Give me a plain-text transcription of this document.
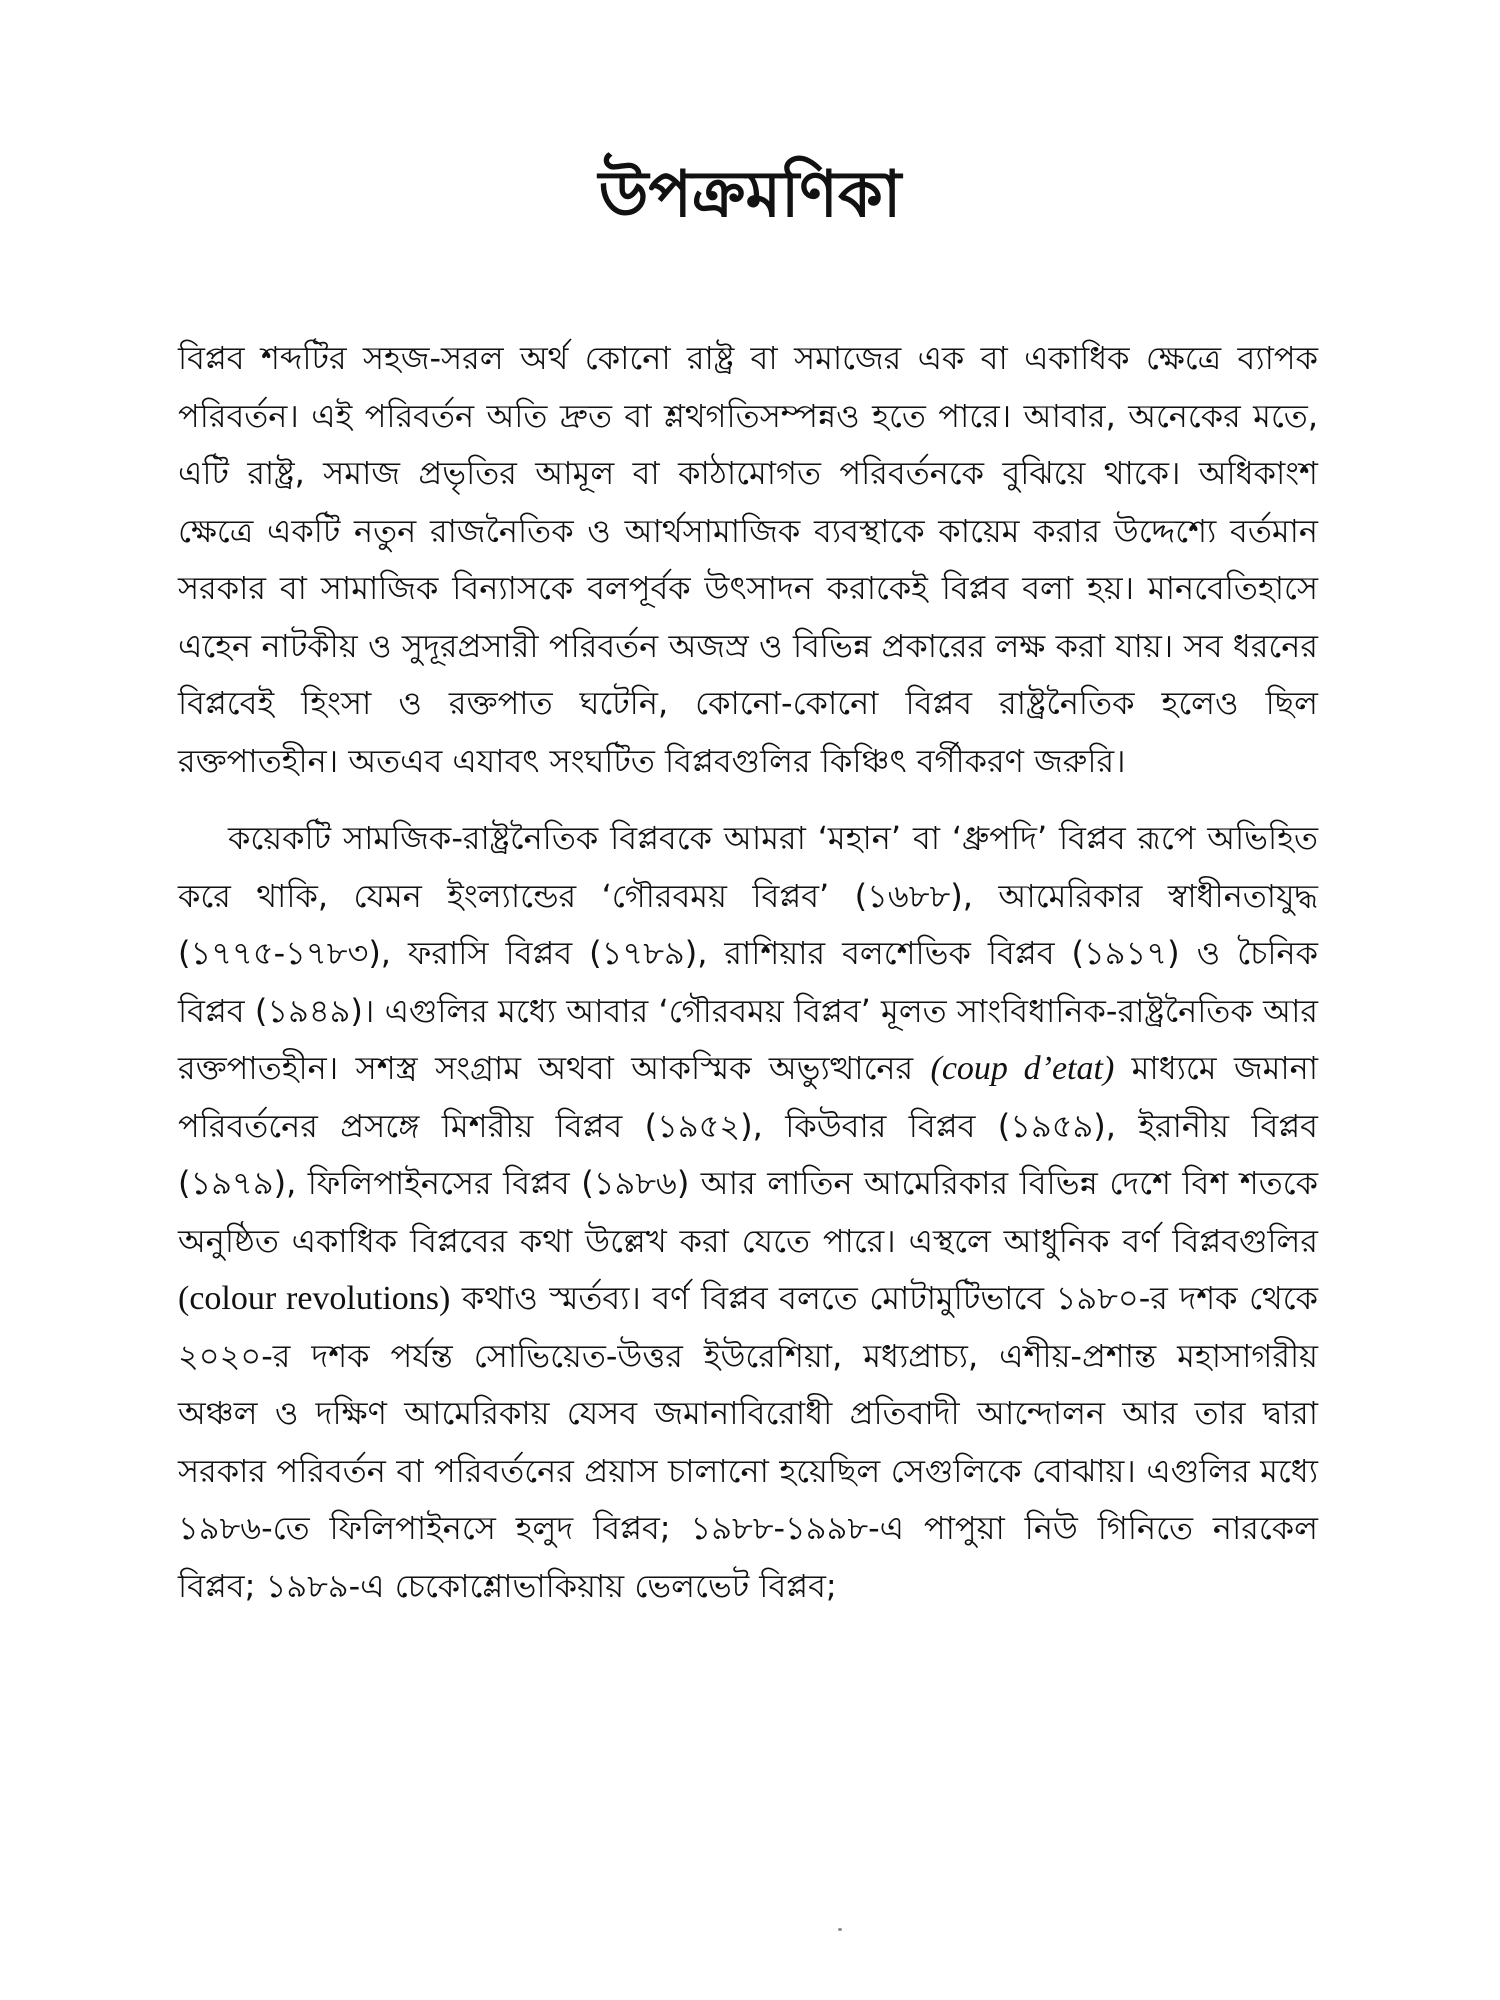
উপক্রমণিকা

বিপ্লব শব্দটির সহজ-সরল অর্থ কোনো রাষ্ট্র বা সমাজের এক বা একাধিক ক্ষেত্রে ব্যাপক পরিবর্তন। এই পরিবর্তন অতি দ্রুত বা শ্লথগতিসম্পন্নও হতে পারে। আবার, অনেকের মতে, এটি রাষ্ট্র, সমাজ প্রভৃতির আমূল বা কাঠামোগত পরিবর্তনকে বুঝিয়ে থাকে। অধিকাংশ ক্ষেত্রে একটি নতুন রাজনৈতিক ও আর্থসামাজিক ব্যবস্থাকে কায়েম করার উদ্দেশ্যে বর্তমান সরকার বা সামাজিক বিন্যাসকে বলপূর্বক উৎসাদন করাকেই বিপ্লব বলা হয়। মানবেতিহাসে এহেন নাটকীয় ও সুদূরপ্রসারী পরিবর্তন অজস্র ও বিভিন্ন প্রকারের লক্ষ করা যায়। সব ধরনের বিপ্লবেই হিংসা ও রক্তপাত ঘটেনি, কোনো-কোনো বিপ্লব রাষ্ট্রনৈতিক হলেও ছিল রক্তপাতহীন। অতএব এযাবৎ সংঘটিত বিপ্লবগুলির কিঞ্চিৎ বর্গীকরণ জরুরি।

কয়েকটি সামজিক-রাষ্ট্রনৈতিক বিপ্লবকে আমরা ‘মহান’ বা ‘ধ্রুপদি’ বিপ্লব রূপে অভিহিত করে থাকি, যেমন ইংল্যান্ডের ‘গৌরবময় বিপ্লব’ (১৬৮৮), আমেরিকার স্বাধীনতাযুদ্ধ (১৭৭৫-১৭৮৩), ফরাসি বিপ্লব (১৭৮৯), রাশিয়ার বলশেভিক বিপ্লব (১৯১৭) ও চৈনিক বিপ্লব (১৯৪৯)। এগুলির মধ্যে আবার ‘গৌরবময় বিপ্লব’ মূলত সাংবিধানিক-রাষ্ট্রনৈতিক আর রক্তপাতহীন। সশস্ত্র সংগ্রাম অথবা আকস্মিক অভ্যুত্থানের (coup d’etat) মাধ্যমে জমানা পরিবর্তনের প্রসঙ্গে মিশরীয় বিপ্লব (১৯৫২), কিউবার বিপ্লব (১৯৫৯), ইরানীয় বিপ্লব (১৯৭৯), ফিলিপাইনসের বিপ্লব (১৯৮৬) আর লাতিন আমেরিকার বিভিন্ন দেশে বিশ শতকে অনুষ্ঠিত একাধিক বিপ্লবের কথা উল্লেখ করা যেতে পারে। এস্থলে আধুনিক বর্ণ বিপ্লবগুলির (colour revolutions) কথাও স্মর্তব্য। বর্ণ বিপ্লব বলতে মোটামুটিভাবে ১৯৮০-র দশক থেকে ২০২০-র দশক পর্যন্ত সোভিয়েত-উত্তর ইউরেশিয়া, মধ্যপ্রাচ্য, এশীয়-প্রশান্ত মহাসাগরীয় অঞ্চল ও দক্ষিণ আমেরিকায় যেসব জমানাবিরোধী প্রতিবাদী আন্দোলন আর তার দ্বারা সরকার পরিবর্তন বা পরিবর্তনের প্রয়াস চালানো হয়েছিল সেগুলিকে বোঝায়। এগুলির মধ্যে ১৯৮৬-তে ফিলিপাইনসে হলুদ বিপ্লব; ১৯৮৮-১৯৯৮-এ পাপুয়া নিউ গিনিতে নারকেল বিপ্লব; ১৯৮৯-এ চেকোশ্লোভাকিয়ায় ভেলভেট বিপ্লব;
